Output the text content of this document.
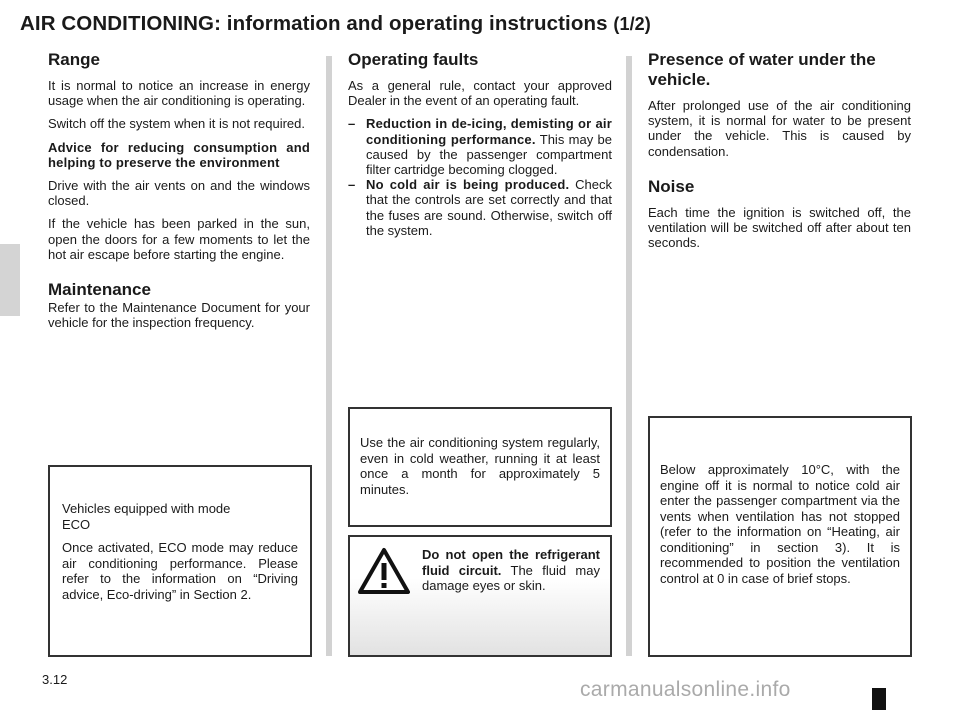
AIR CONDITIONING: information and operating instructions (1/2)
Range

It is normal to notice an increase in energy usage when the air conditioning is operating.

Switch off the system when it is not required.

Advice for reducing consumption and helping to preserve the environment

Drive with the air vents on and the windows closed.

If the vehicle has been parked in the sun, open the doors for a few moments to let the hot air escape before starting the engine.

Maintenance

Refer to the Maintenance Document for your vehicle for the inspection frequency.

Operating faults

As a general rule, contact your approved Dealer in the event of an operating fault.

– Reduction in de-icing, demisting or air conditioning performance. This may be caused by the passenger compartment filter cartridge becoming clogged.
– No cold air is being produced. Check that the controls are set correctly and that the fuses are sound. Otherwise, switch off the system.
Presence of water under the vehicle.

After prolonged use of the air conditioning system, it is normal for water to be present under the vehicle. This is caused by condensation.

Noise

Each time the ignition is switched off, the ventilation will be switched off after about ten seconds.

Vehicles equipped with mode ECO

Once activated, ECO mode may reduce air conditioning performance. Please refer to the information on “Driving advice, Eco-driving” in Section 2.

Use the air conditioning system regularly, even in cold weather, running it at least once a month for approximately 5 minutes.

Do not open the refrigerant fluid circuit. The fluid may damage eyes or skin.

Below approximately 10°C, with the engine off it is normal to notice cold air enter the passenger compartment via the vents when ventilation has not stopped (refer to the information on “Heating, air conditioning” in section 3). It is recommended to position the ventilation control at 0 in case of brief stops.

3.12	carmanualsonline.info
